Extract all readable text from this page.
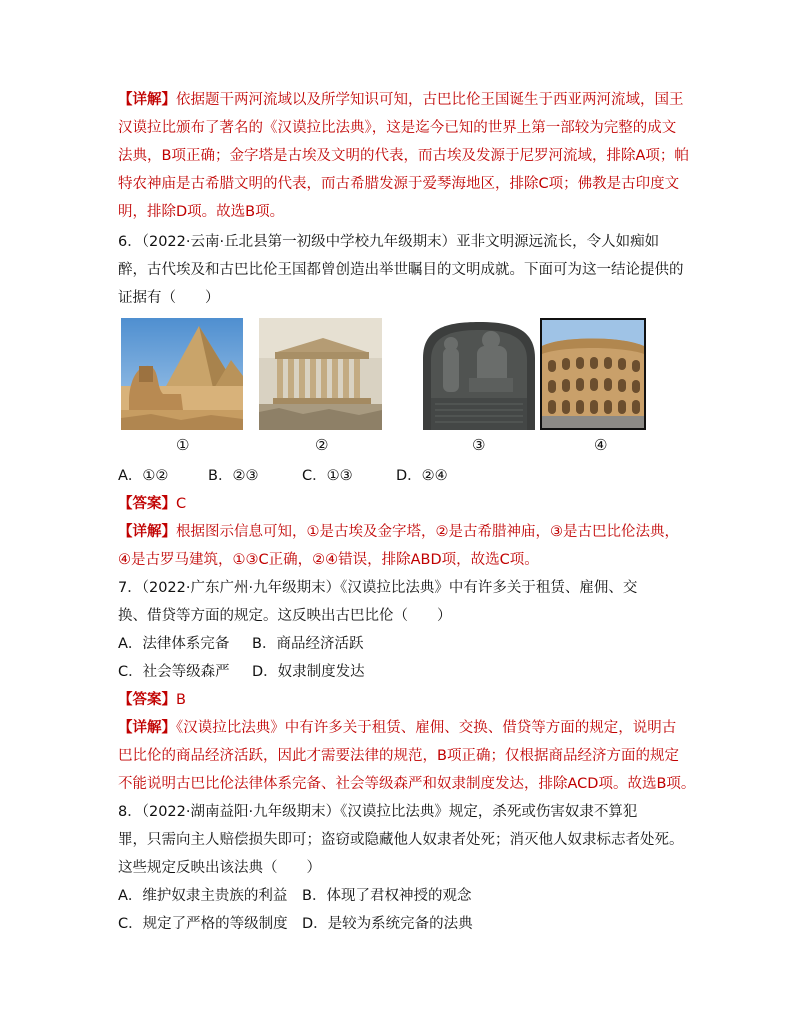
【详解】依据题干两河流域以及所学知识可知，古巴比伦王国诞生于西亚两河流域，国王
汉谟拉比颁布了著名的《汉谟拉比法典》，这是迄今已知的世界上第一部较为完整的成文
法典，B项正确；金字塔是古埃及文明的代表，而古埃及发源于尼罗河流域，排除A项；帕
特农神庙是古希腊文明的代表，而古希腊发源于爱琴海地区，排除C项；佛教是古印度文
明，排除D项。故选B项。
6．（2022·云南·丘北县第一初级中学校九年级期末）亚非文明源远流长，令人如痴如
醉，古代埃及和古巴比伦王国都曾创造出举世瞩目的文明成就。下面可为这一结论提供的
证据有（　　）
①	②	③	④
A．①②	B．②③	C．①③	D．②④
【答案】C
【详解】根据图示信息可知，①是古埃及金字塔，②是古希腊神庙，③是古巴比伦法典，
④是古罗马建筑，①③C正确，②④错误，排除ABD项，故选C项。
7．（2022·广东广州·九年级期末）《汉谟拉比法典》中有许多关于租赁、雇佣、交
换、借贷等方面的规定。这反映出古巴比伦（　　）
A．法律体系完备 B．商品经济活跃
C．社会等级森严 D．奴隶制度发达
【答案】B
【详解】《汉谟拉比法典》中有许多关于租赁、雇佣、交换、借贷等方面的规定，说明古
巴比伦的商品经济活跃，因此才需要法律的规范，B项正确；仅根据商品经济方面的规定
不能说明古巴比伦法律体系完备、社会等级森严和奴隶制度发达，排除ACD项。故选B项。
8．（2022·湖南益阳·九年级期末）《汉谟拉比法典》规定，杀死或伤害奴隶不算犯
罪，只需向主人赔偿损失即可；盗窃或隐藏他人奴隶者处死；消灭他人奴隶标志者处死。
这些规定反映出该法典（　　）
A．维护奴隶主贵族的利益 B．体现了君权神授的观念
C．规定了严格的等级制度 D．是较为系统完备的法典
